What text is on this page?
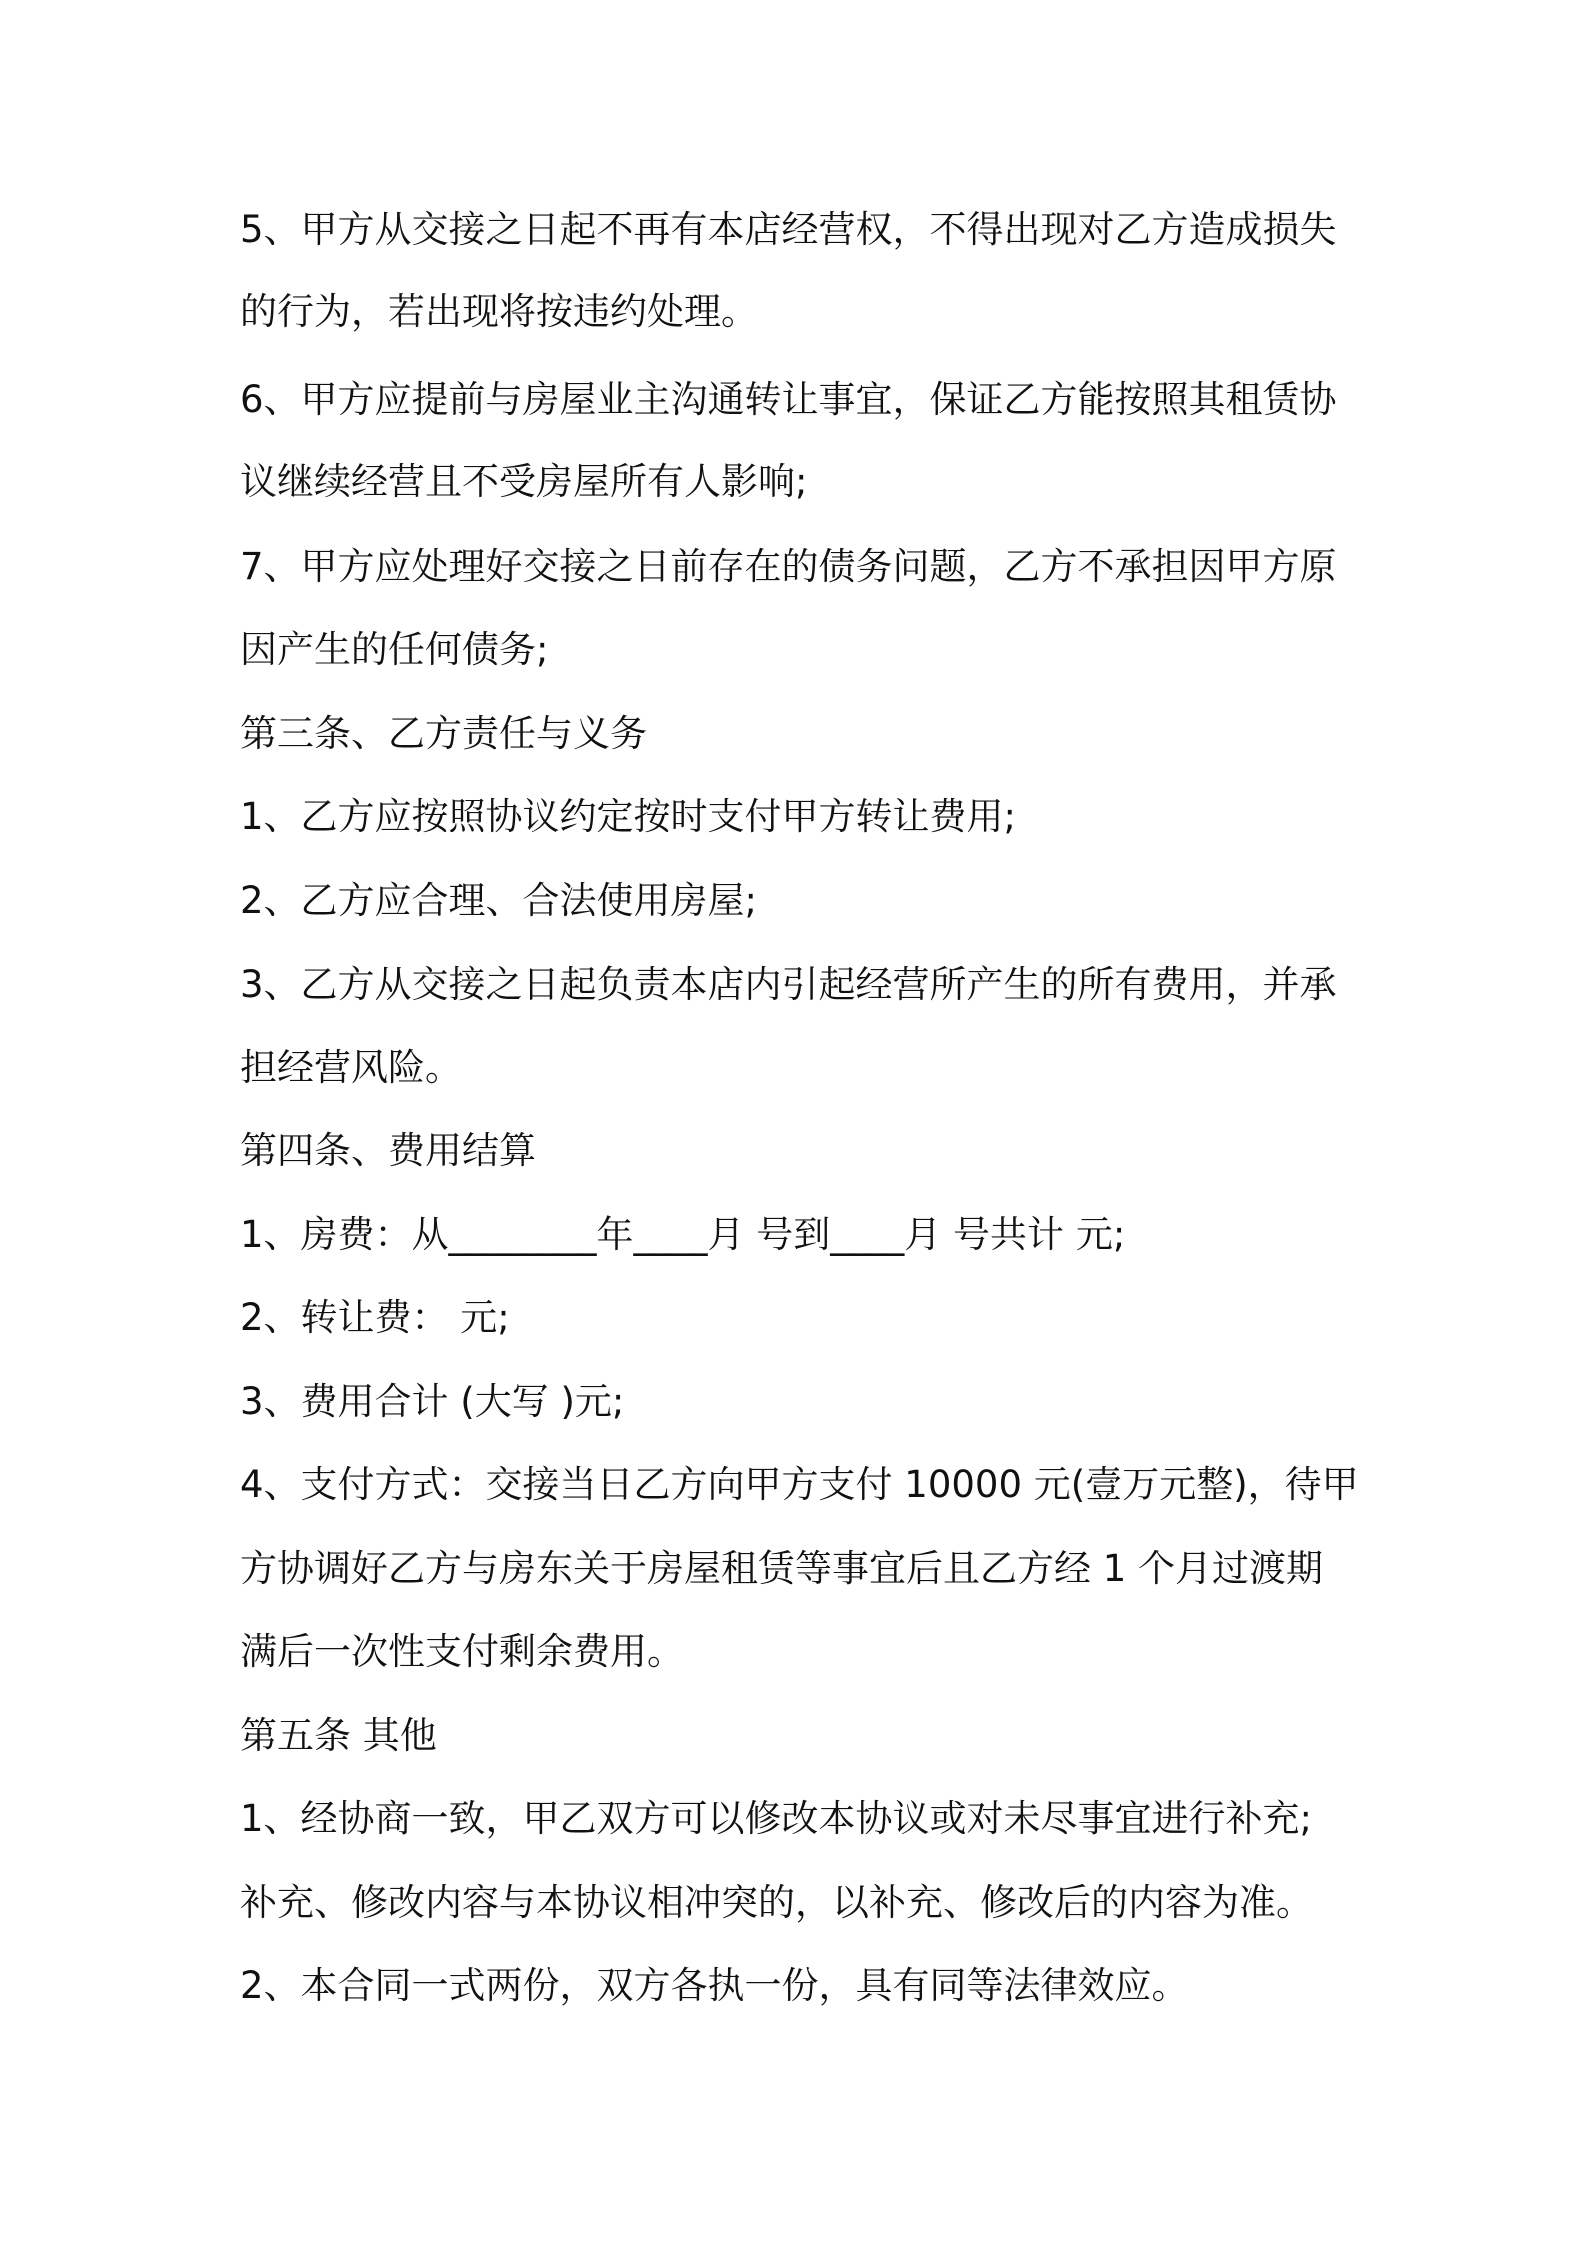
5、甲方从交接之日起不再有本店经营权，不得出现对乙方造成损失
的行为，若出现将按违约处理。
6、甲方应提前与房屋业主沟通转让事宜，保证乙方能按照其租赁协
议继续经营且不受房屋所有人影响;
7、甲方应处理好交接之日前存在的债务问题，乙方不承担因甲方原
因产生的任何债务;
第三条、乙方责任与义务
1、乙方应按照协议约定按时支付甲方转让费用;
2、乙方应合理、合法使用房屋;
3、乙方从交接之日起负责本店内引起经营所产生的所有费用，并承
担经营风险。
第四条、费用结算
1、房费：从________年____月 号到____月 号共计 元;
2、转让费： 元;
3、费用合计 (大写 )元;
4、支付方式：交接当日乙方向甲方支付 10000 元(壹万元整)，待甲
方协调好乙方与房东关于房屋租赁等事宜后且乙方经 1 个月过渡期
满后一次性支付剩余费用。
第五条 其他
1、经协商一致，甲乙双方可以修改本协议或对未尽事宜进行补充;
补充、修改内容与本协议相冲突的，以补充、修改后的内容为准。
2、本合同一式两份，双方各执一份，具有同等法律效应。
